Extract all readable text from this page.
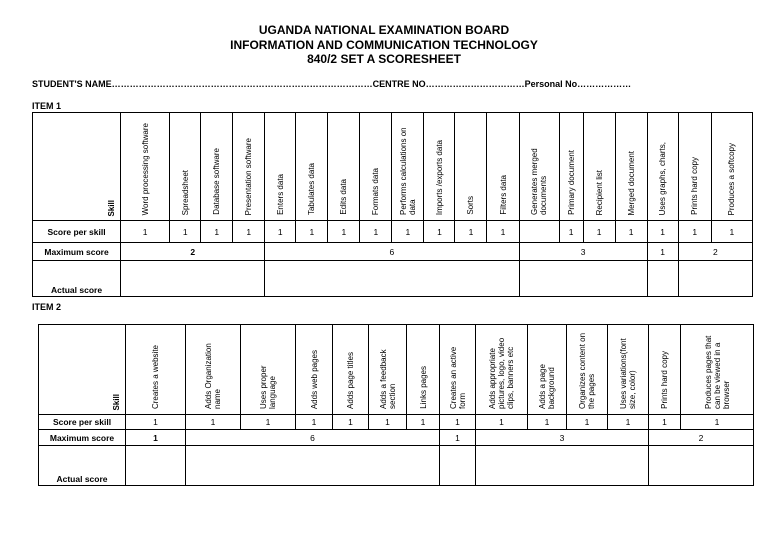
UGANDA NATIONAL EXAMINATION BOARD
INFORMATION AND COMMUNICATION TECHNOLOGY
840/2 SET A SCORESHEET
STUDENT'S NAME……………………………………………………………………………CENTRE NO……………………………Personal No………………
ITEM 1
Skill	Word processing software	Spreadsheet	Database software	Presentation software	Enters data	Tabulates data	Edits data	Formats data	Performs calculations on data	Imports /exports data	Sorts	Filters data	Generates merged documents	Primary document	Recipient list	Merged document	Uses graphs, charts,	Prints hard copy	Produces a softcopy
Score per skill	1	1	1	1	1	1	1	1	1	1	1	1		1	1	1	1	1	1
Maximum score	2				6								3				1	2	
Actual score																			
ITEM 2
Skill	Creates a website	Adds Organization name	Uses proper language	Adds web pages	Adds page titles	Adds a feedback section	Links pages	Creates an active form	Adds appropriate pictures, logo, video clips, banners etc	Adds a page background	Organizes content on the pages	Uses variations(font size, color)	Prints hard copy	Produces pages that can be viewed in a browser
Score per skill	1	1	1	1	1	1	1	1	1	1	1	1	1	1
Maximum score	1	6						1	3				2	
Actual score														
